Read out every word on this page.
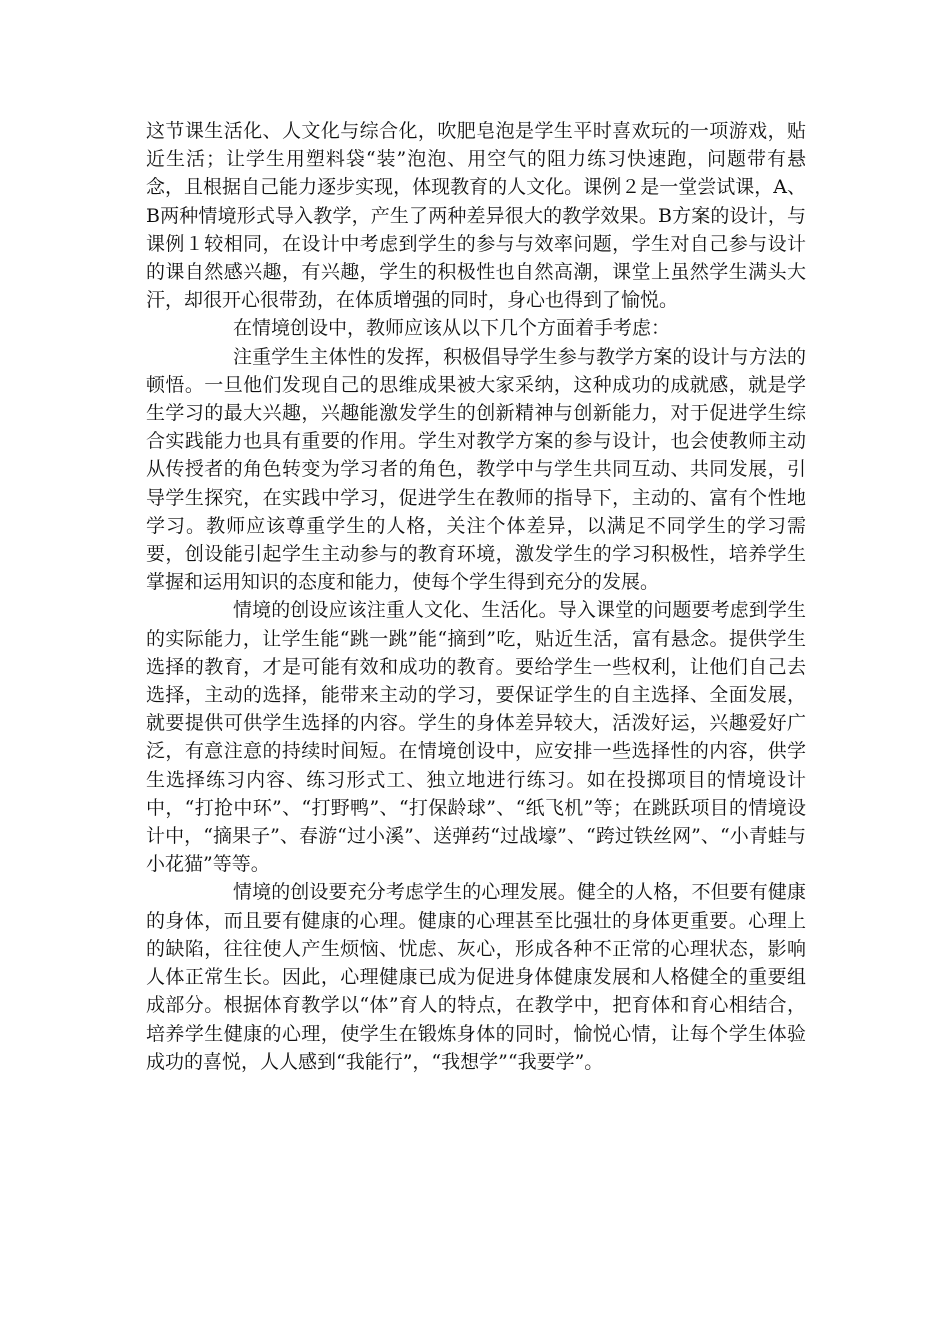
这节课生活化、人文化与综合化，吹肥皂泡是学生平时喜欢玩的一项游戏，贴近生活；让学生用塑料袋“装”泡泡、用空气的阻力练习快速跑，问题带有悬念，且根据自己能力逐步实现，体现教育的人文化。课例２是一堂尝试课，A、B两种情境形式导入教学，产生了两种差异很大的教学效果。B方案的设计，与课例１较相同，在设计中考虑到学生的参与与效率问题，学生对自己参与设计的课自然感兴趣，有兴趣，学生的积极性也自然高潮，课堂上虽然学生满头大汗，却很开心很带劲，在体质增强的同时，身心也得到了愉悦。

在情境创设中，教师应该从以下几个方面着手考虑：

注重学生主体性的发挥，积极倡导学生参与教学方案的设计与方法的顿悟。一旦他们发现自己的思维成果被大家采纳，这种成功的成就感，就是学生学习的最大兴趣，兴趣能激发学生的创新精神与创新能力，对于促进学生综合实践能力也具有重要的作用。学生对教学方案的参与设计，也会使教师主动从传授者的角色转变为学习者的角色，教学中与学生共同互动、共同发展，引导学生探究，在实践中学习，促进学生在教师的指导下，主动的、富有个性地学习。教师应该尊重学生的人格，关注个体差异，以满足不同学生的学习需要，创设能引起学生主动参与的教育环境，激发学生的学习积极性，培养学生掌握和运用知识的态度和能力，使每个学生得到充分的发展。

情境的创设应该注重人文化、生活化。导入课堂的问题要考虑到学生的实际能力，让学生能“跳一跳”能“摘到”吃，贴近生活，富有悬念。提供学生选择的教育，才是可能有效和成功的教育。要给学生一些权利，让他们自己去选择，主动的选择，能带来主动的学习，要保证学生的自主选择、全面发展，就要提供可供学生选择的内容。学生的身体差异较大，活泼好运，兴趣爱好广泛，有意注意的持续时间短。在情境创设中，应安排一些选择性的内容，供学生选择练习内容、练习形式工、独立地进行练习。如在投掷项目的情境设计中，“打抢中环”、“打野鸭”、“打保龄球”、“纸飞机”等；在跳跃项目的情境设计中，“摘果子”、春游“过小溪”、送弹药“过战壕”、“跨过铁丝网”、“小青蛙与小花猫”等等。

情境的创设要充分考虑学生的心理发展。健全的人格，不但要有健康的身体，而且要有健康的心理。健康的心理甚至比强壮的身体更重要。心理上的缺陷，往往使人产生烦恼、忧虑、灰心，形成各种不正常的心理状态，影响人体正常生长。因此，心理健康已成为促进身体健康发展和人格健全的重要组成部分。根据体育教学以“体”育人的特点，在教学中，把育体和育心相结合，培养学生健康的心理，使学生在锻炼身体的同时，愉悦心情，让每个学生体验成功的喜悦，人人感到“我能行”，“我想学”“我要学”。
